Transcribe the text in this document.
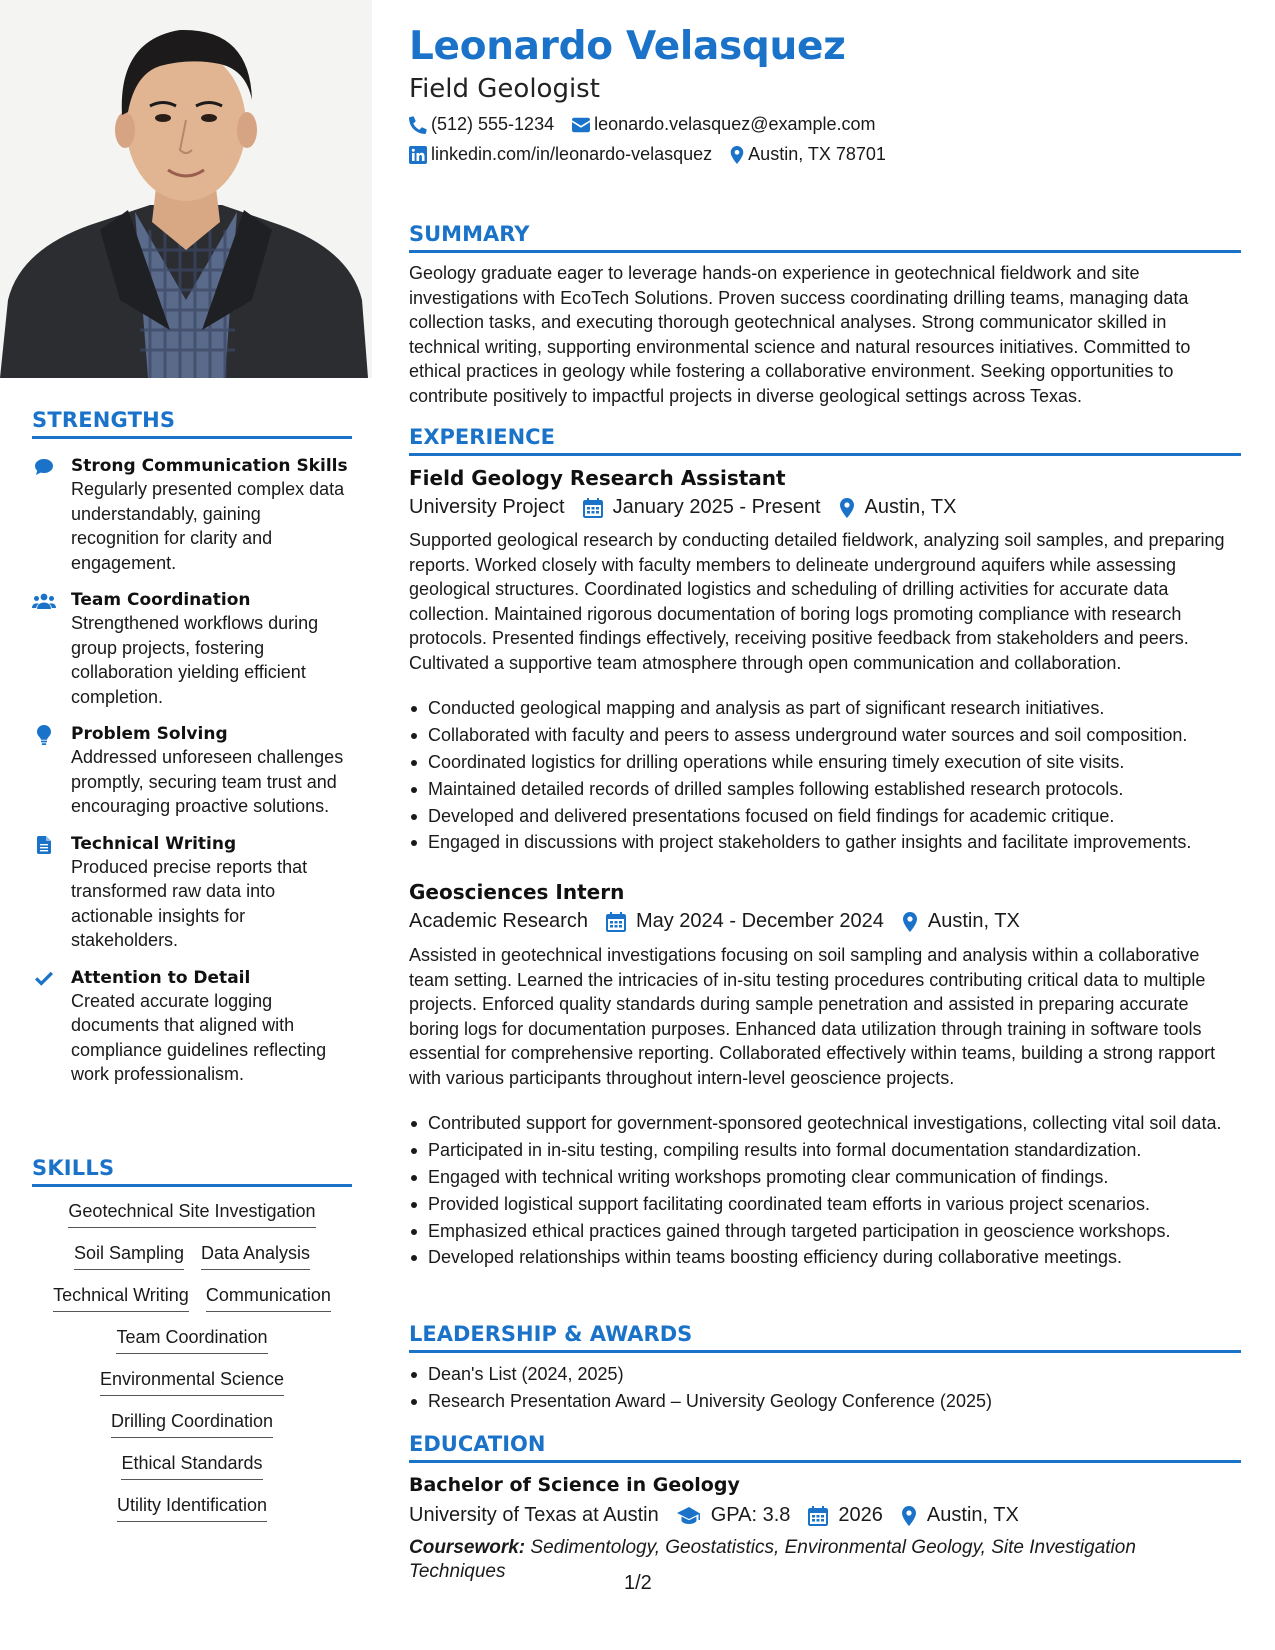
STRENGTHS
Strong Communication Skills
Regularly presented complex data understandably, gaining recognition for clarity and engagement.
Team Coordination
Strengthened workflows during group projects, fostering collaboration yielding efficient completion.
Problem Solving
Addressed unforeseen challenges promptly, securing team trust and encouraging proactive solutions.
Technical Writing
Produced precise reports that transformed raw data into actionable insights for stakeholders.
Attention to Detail
Created accurate logging documents that aligned with compliance guidelines reflecting work professionalism.
SKILLS
Geotechnical Site Investigation
Soil Sampling Data Analysis
Technical Writing Communication
Team Coordination
Environmental Science
Drilling Coordination
Ethical Standards
Utility Identification
Leonardo Velasquez
Field Geologist
(512) 555-1234 leonardo.velasquez@example.com
linkedin.com/in/leonardo-velasquez Austin, TX 78701
SUMMARY
Geology graduate eager to leverage hands-on experience in geotechnical fieldwork and site investigations with EcoTech Solutions. Proven success coordinating drilling teams, managing data collection tasks, and executing thorough geotechnical analyses. Strong communicator skilled in technical writing, supporting environmental science and natural resources initiatives. Committed to ethical practices in geology while fostering a collaborative environment. Seeking opportunities to contribute positively to impactful projects in diverse geological settings across Texas.
EXPERIENCE
Field Geology Research Assistant
University Project January 2025 - Present Austin, TX
Supported geological research by conducting detailed fieldwork, analyzing soil samples, and preparing reports. Worked closely with faculty members to delineate underground aquifers while assessing geological structures. Coordinated logistics and scheduling of drilling activities for accurate data collection. Maintained rigorous documentation of boring logs promoting compliance with research protocols. Presented findings effectively, receiving positive feedback from stakeholders and peers. Cultivated a supportive team atmosphere through open communication and collaboration.
Conducted geological mapping and analysis as part of significant research initiatives.
Collaborated with faculty and peers to assess underground water sources and soil composition.
Coordinated logistics for drilling operations while ensuring timely execution of site visits.
Maintained detailed records of drilled samples following established research protocols.
Developed and delivered presentations focused on field findings for academic critique.
Engaged in discussions with project stakeholders to gather insights and facilitate improvements.
Geosciences Intern
Academic Research May 2024 - December 2024 Austin, TX
Assisted in geotechnical investigations focusing on soil sampling and analysis within a collaborative team setting. Learned the intricacies of in-situ testing procedures contributing critical data to multiple projects. Enforced quality standards during sample penetration and assisted in preparing accurate boring logs for documentation purposes. Enhanced data utilization through training in software tools essential for comprehensive reporting. Collaborated effectively within teams, building a strong rapport with various participants throughout intern-level geoscience projects.
Contributed support for government-sponsored geotechnical investigations, collecting vital soil data.
Participated in in-situ testing, compiling results into formal documentation standardization.
Engaged with technical writing workshops promoting clear communication of findings.
Provided logistical support facilitating coordinated team efforts in various project scenarios.
Emphasized ethical practices gained through targeted participation in geoscience workshops.
Developed relationships within teams boosting efficiency during collaborative meetings.
LEADERSHIP & AWARDS
Dean's List (2024, 2025)
Research Presentation Award – University Geology Conference (2025)
EDUCATION
Bachelor of Science in Geology
University of Texas at Austin	GPA: 3.8 2026 Austin, TX
Coursework: Sedimentology, Geostatistics, Environmental Geology, Site Investigation Techniques
1/2
